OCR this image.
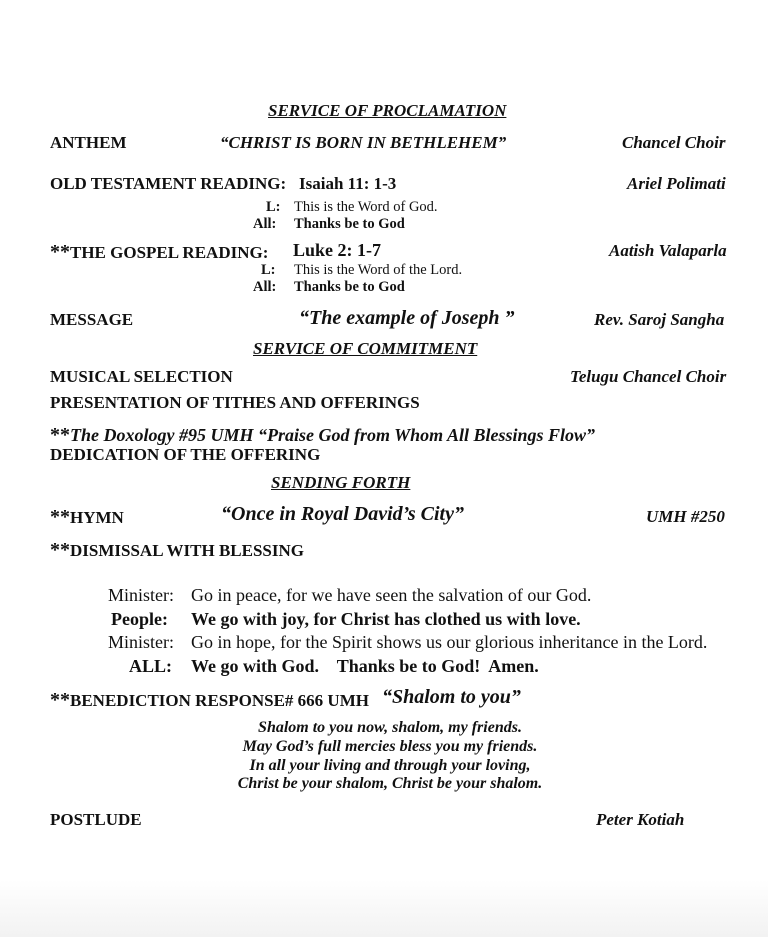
SERVICE OF PROCLAMATION
ANTHEM	“CHRIST IS BORN IN BETHLEHEM”	Chancel Choir
OLD TESTAMENT READING: Isaiah 11: 1-3	Ariel Polimati
L: This is the Word of God.
All: Thanks be to God
**THE GOSPEL READING: Luke 2: 1-7	Aatish Valaparla
L: This is the Word of the Lord.
All: Thanks be to God
MESSAGE	“The example of Joseph ”	Rev. Saroj Sangha
SERVICE OF COMMITMENT
MUSICAL SELECTION	Telugu Chancel Choir
PRESENTATION OF TITHES AND OFFERINGS
**The Doxology #95 UMH “Praise God from Whom All Blessings Flow”
DEDICATION OF THE OFFERING
SENDING FORTH
**HYMN	“Once in Royal David’s City”	UMH #250
**DISMISSAL WITH BLESSING
Minister: Go in peace, for we have seen the salvation of our God.
People: We go with joy, for Christ has clothed us with love.
Minister: Go in hope, for the Spirit shows us our glorious inheritance in the Lord.
ALL: We go with God.    Thanks be to God!  Amen.
**BENEDICTION RESPONSE# 666 UMH “Shalom to you”
Shalom to you now, shalom, my friends.
May God’s full mercies bless you my friends.
In all your living and through your loving,
Christ be your shalom, Christ be your shalom.
POSTLUDE	Peter Kotiah
